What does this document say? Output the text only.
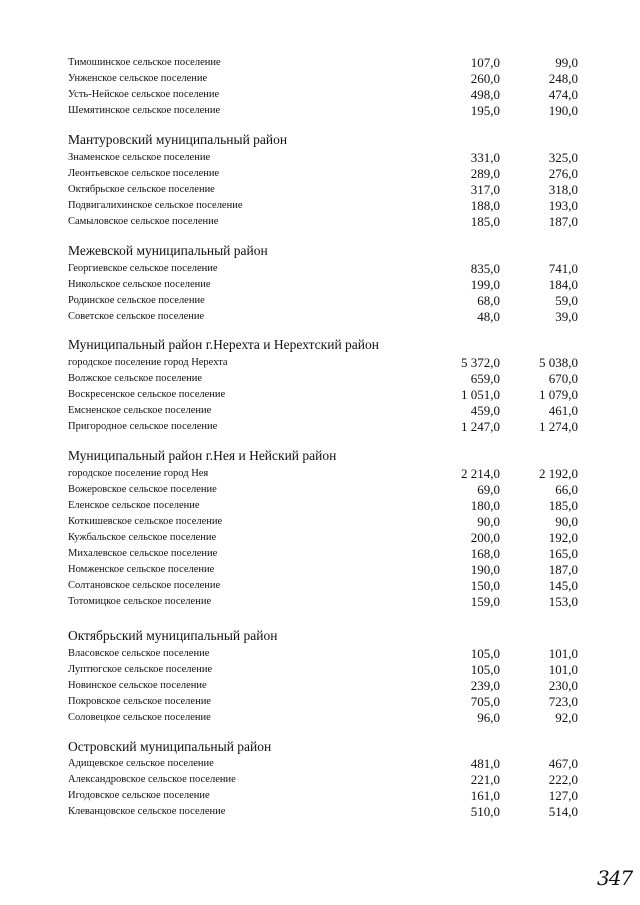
Тимошинское сельское поселение	107,0	99,0
Унженское сельское поселение	260,0	248,0
Усть-Нейское сельское поселение	498,0	474,0
Шемятинское сельское поселение	195,0	190,0
Мантуровский муниципальный район
Знаменское сельское поселение	331,0	325,0
Леонтьевское сельское поселение	289,0	276,0
Октябрьское сельское поселение	317,0	318,0
Подвигалихинское сельское поселение	188,0	193,0
Самыловское сельское поселение	185,0	187,0
Межевской муниципальный район
Георгиевское сельское поселение	835,0	741,0
Никольское сельское поселение	199,0	184,0
Родинское сельское поселение	68,0	59,0
Советское сельское поселение	48,0	39,0
Муниципальный район г.Нерехта и Нерехтский район
городское поселение город Нерехта	5 372,0	5 038,0
Волжское сельское поселение	659,0	670,0
Воскресенское сельское поселение	1 051,0	1 079,0
Емсненское сельское поселение	459,0	461,0
Пригородное сельское поселение	1 247,0	1 274,0
Муниципальный район г.Нея и Нейский район
городское поселение город Нея	2 214,0	2 192,0
Вожеровское сельское поселение	69,0	66,0
Еленское сельское поселение	180,0	185,0
Коткишевское сельское поселение	90,0	90,0
Кужбальское сельское поселение	200,0	192,0
Михалевское сельское поселение	168,0	165,0
Номженское сельское поселение	190,0	187,0
Солтановское сельское поселение	150,0	145,0
Тотомицкое сельское поселение	159,0	153,0
Октябрьский муниципальный район
Власовское сельское поселение	105,0	101,0
Луптюгское сельское поселение	105,0	101,0
Новинское сельское поселение	239,0	230,0
Покровское сельское поселение	705,0	723,0
Соловецкое сельское поселение	96,0	92,0
Островский муниципальный район
Адищевское сельское поселение	481,0	467,0
Александровское сельское поселение	221,0	222,0
Игодовское сельское поселение	161,0	127,0
Клеванцовское сельское поселение	510,0	514,0
347
